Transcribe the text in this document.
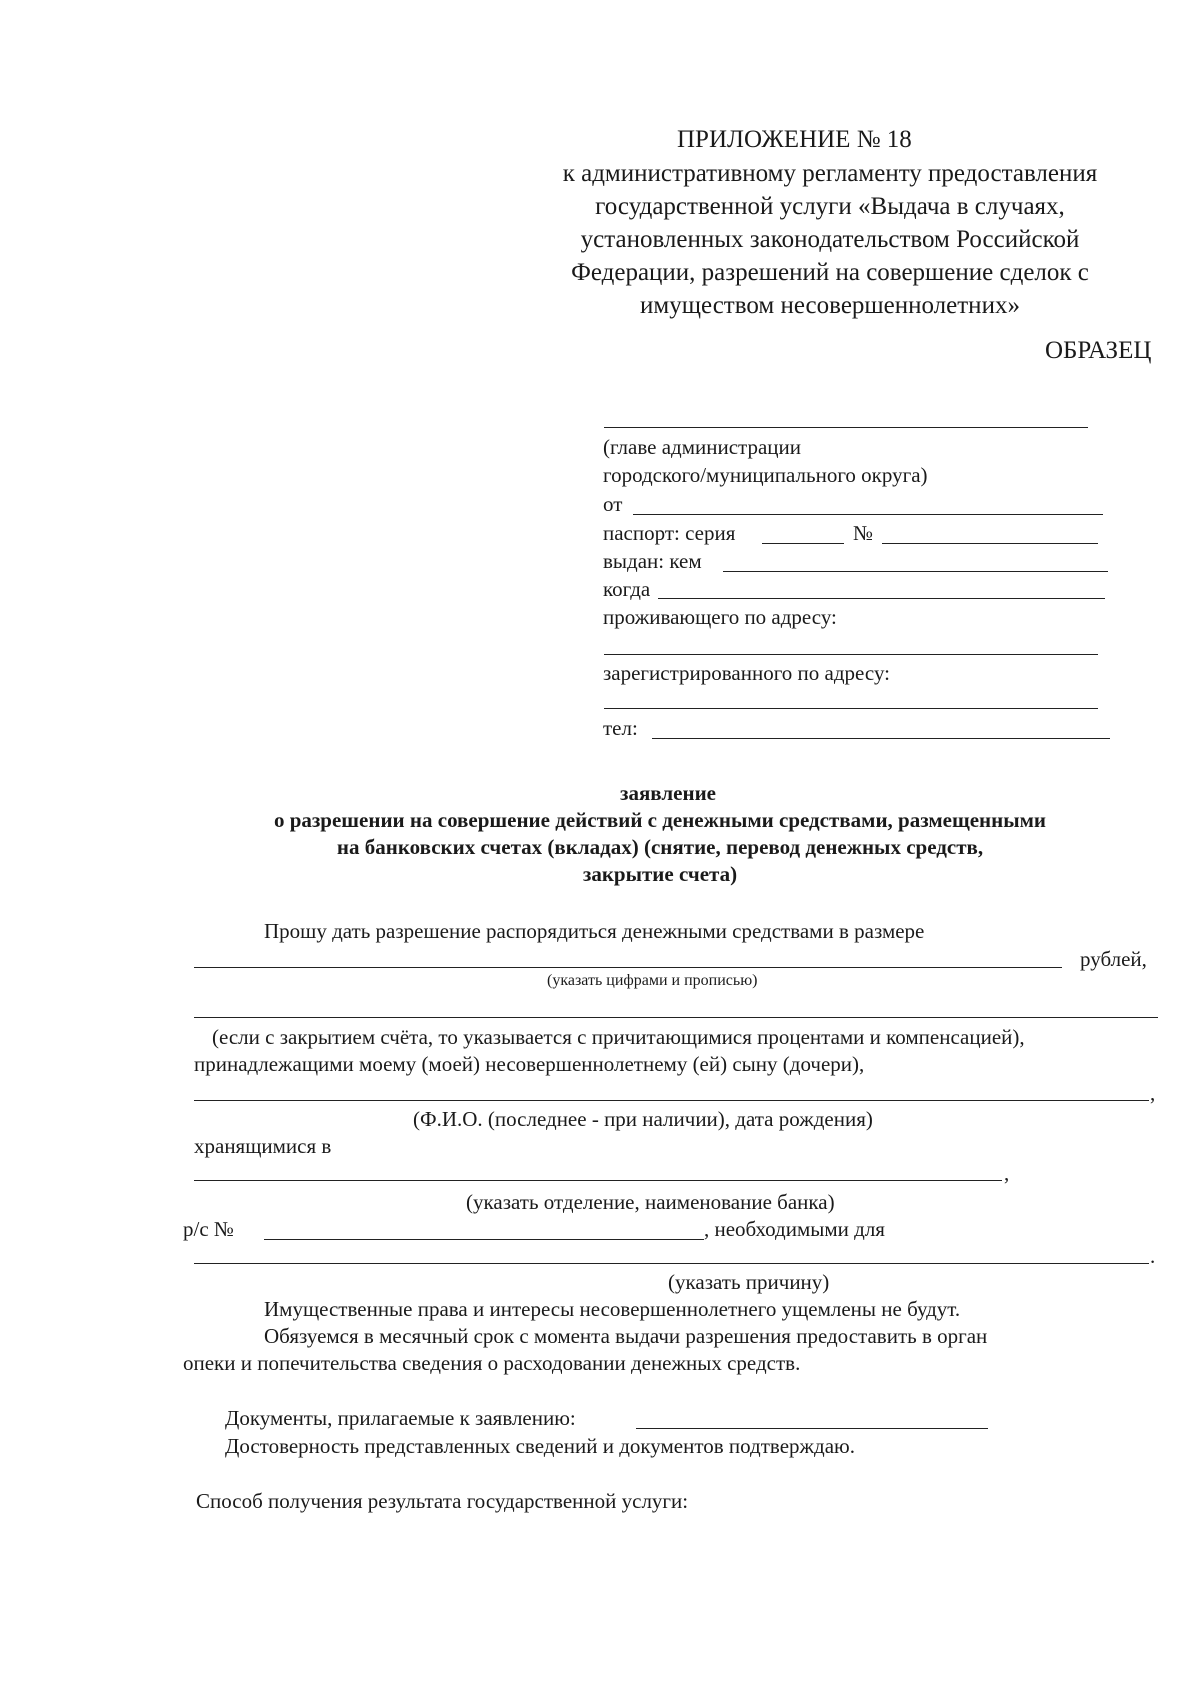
ПРИЛОЖЕНИЕ № 18
к административному регламенту предоставления
государственной услуги «Выдача в случаях,
установленных законодательством Российской
Федерации, разрешений на совершение сделок с
имуществом несовершеннолетних»
ОБРАЗЕЦ
(главе администрации
городского/муниципального округа)
от
паспорт: серия	№
выдан: кем
когда
проживающего по адресу:
зарегистрированного по адресу:
тел:
заявление
о разрешении на совершение действий с денежными средствами, размещенными
на банковских счетах (вкладах) (снятие, перевод денежных средств,
закрытие счета)
Прошу дать разрешение распорядиться денежными средствами в размере
рублей,
(указать цифрами и прописью)
(если с закрытием счёта, то указывается с причитающимися процентами и компенсацией),
принадлежащими моему (моей) несовершеннолетнему (ей) сыну (дочери),
,
(Ф.И.О. (последнее - при наличии), дата рождения)
хранящимися в
,
(указать отделение, наименование банка)
р/с №	, необходимыми для
.
(указать причину)
Имущественные права и интересы несовершеннолетнего ущемлены не будут.
Обязуемся в месячный срок с момента выдачи разрешения предоставить в орган
опеки и попечительства сведения о расходовании денежных средств.
Документы, прилагаемые к заявлению:
Достоверность представленных сведений и документов подтверждаю.
Способ получения результата государственной услуги:
